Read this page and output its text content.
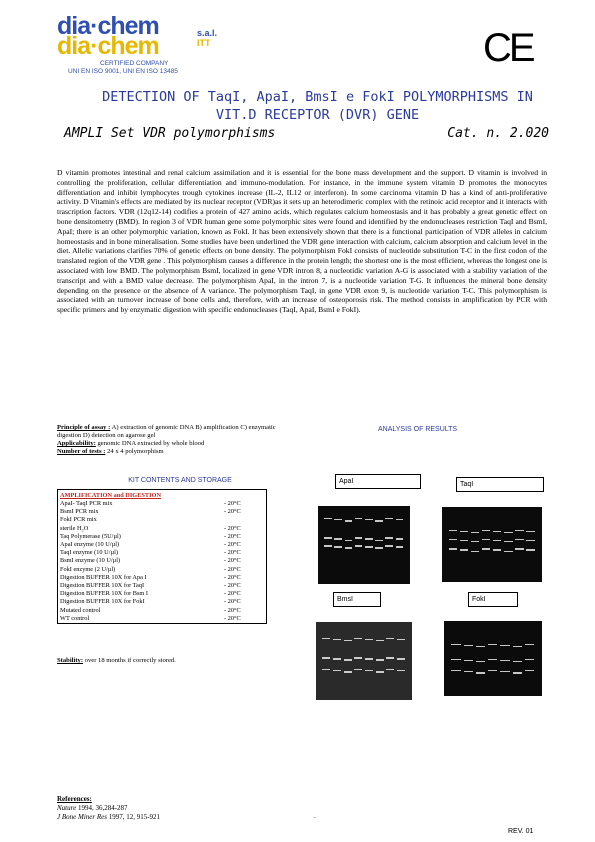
dia·chem
dia·chem	s.a.l.
ITT
CERTIFIED COMPANY
UNI EN ISO 9001, UNI EN ISO 13485
CE
DETECTION OF TaqI, ApaI, BmsI e FokI POLYMORPHISMS IN
VIT.D RECEPTOR (DVR) GENE
AMPLI Set VDR polymorphisms	Cat. n. 2.020
D vitamin promotes intestinal and renal calcium assimilation and it is essential for the bone mass development and the support. D vitamin is involved in controlling the proliferation, cellular differentiation and immuno-modulation. For instance, in the immune system vitamin D promotes the monocytes differentiation and inhibit lymphocytes trough cytokines increase (IL-2, IL12 or interferon). In some carcinoma vitamin D has a kind of anti-proliferative activity. D Vitamin's effects are mediated by its nuclear receptor (VDR)as it sets up an heterodimeric complex with the retinoic acid receptor and it interacts with trascription factors. VDR (12q12-14) codifies a protein of 427 amino acids, which regulates calcium homeostasis and it has probably a great genetic effect on bone densitometry (BMD). In region 3 of VDR human gene some polymorphic sites were found and identified by the endonucleases restriction TaqI and BsmI, ApaI; there is an other polymorphic variation, known as FokI. It has been extensively shown that there is a functional participation of VDR alleles in calcium homeostasis and in bone mineralisation. Some studies have been underlined the VDR gene interaction with calcium, calcium absorption and calcium level in the diet. Allelic variations clarifies 70% of genetic effects on bone density. The polymorphism FokI consists of nucleotide substitution T-C in the first codon of the translated region of the VDR gene . This polymorphism causes a difference in the protein length; the shortest one is the most efficient, whereas the longest one is associated with low BMD. The polymorphism BsmI, localized in gene VDR intron 8, a nucleotidic variation A-G is associated with a stability variation of the transcript and with a BMD value decrease. The polymorphism ApaI, in the intron 7, is a nucleotide variation T-G. It influences the mineral bone density depending on the presence or the absence of A variance. The polymorphism TaqI, in gene VDR exon 9, is nucleotide variation T-C. This polymorphism is associated with an turnover increase of bone cells and, therefore, with an increase of osteoporosis risk. The method consists in amplification by PCR with specific primers and by enzymatic digestion with specific endonucleases (TaqI, ApaI, BsmI e FokI).
Principle of assay : A) extraction of genomic DNA B) amplification C) enzymatic digestion D) detection on agarose gel
Applicability: genomic DNA extracted by whole blood
Number of tests : 24 x 4 polymorphism
KIT CONTENTS AND STORAGE
AMPLIFICATION and DIGESTION
ApaI- TaqI PCR mix	- 20°C
BsmI PCR mix	- 20°C
FokI PCR mix	
sterile H₂O	- 20°C
Taq Polymerase (5U/µl)	- 20°C
ApaI enzyme (10 U/µl)	- 20°C
TaqI enzyme (10 U/µl)	- 20°C
BsmI enzyme (10 U/µl)	- 20°C
FokI enzyme (2 U/µl)	- 20°C
Digestion BUFFER 10X for Apa I	- 20°C
Digestion BUFFER 10X for TaqI	- 20°C
Digestion BUFFER 10X for Bsm I	- 20°C
Digestion BUFFER 10X for FokI	- 20°C
Mutated control	- 20°C
WT control	- 20°C
Stability: over 18 months if correctly stored.
References:
Nature 1994, 36,284-287
J Bone Miner Res 1997, 12, 915-921	.
REV. 01
ANALYSIS OF RESULTS
ApaI	TaqI
BmsI	FokI
